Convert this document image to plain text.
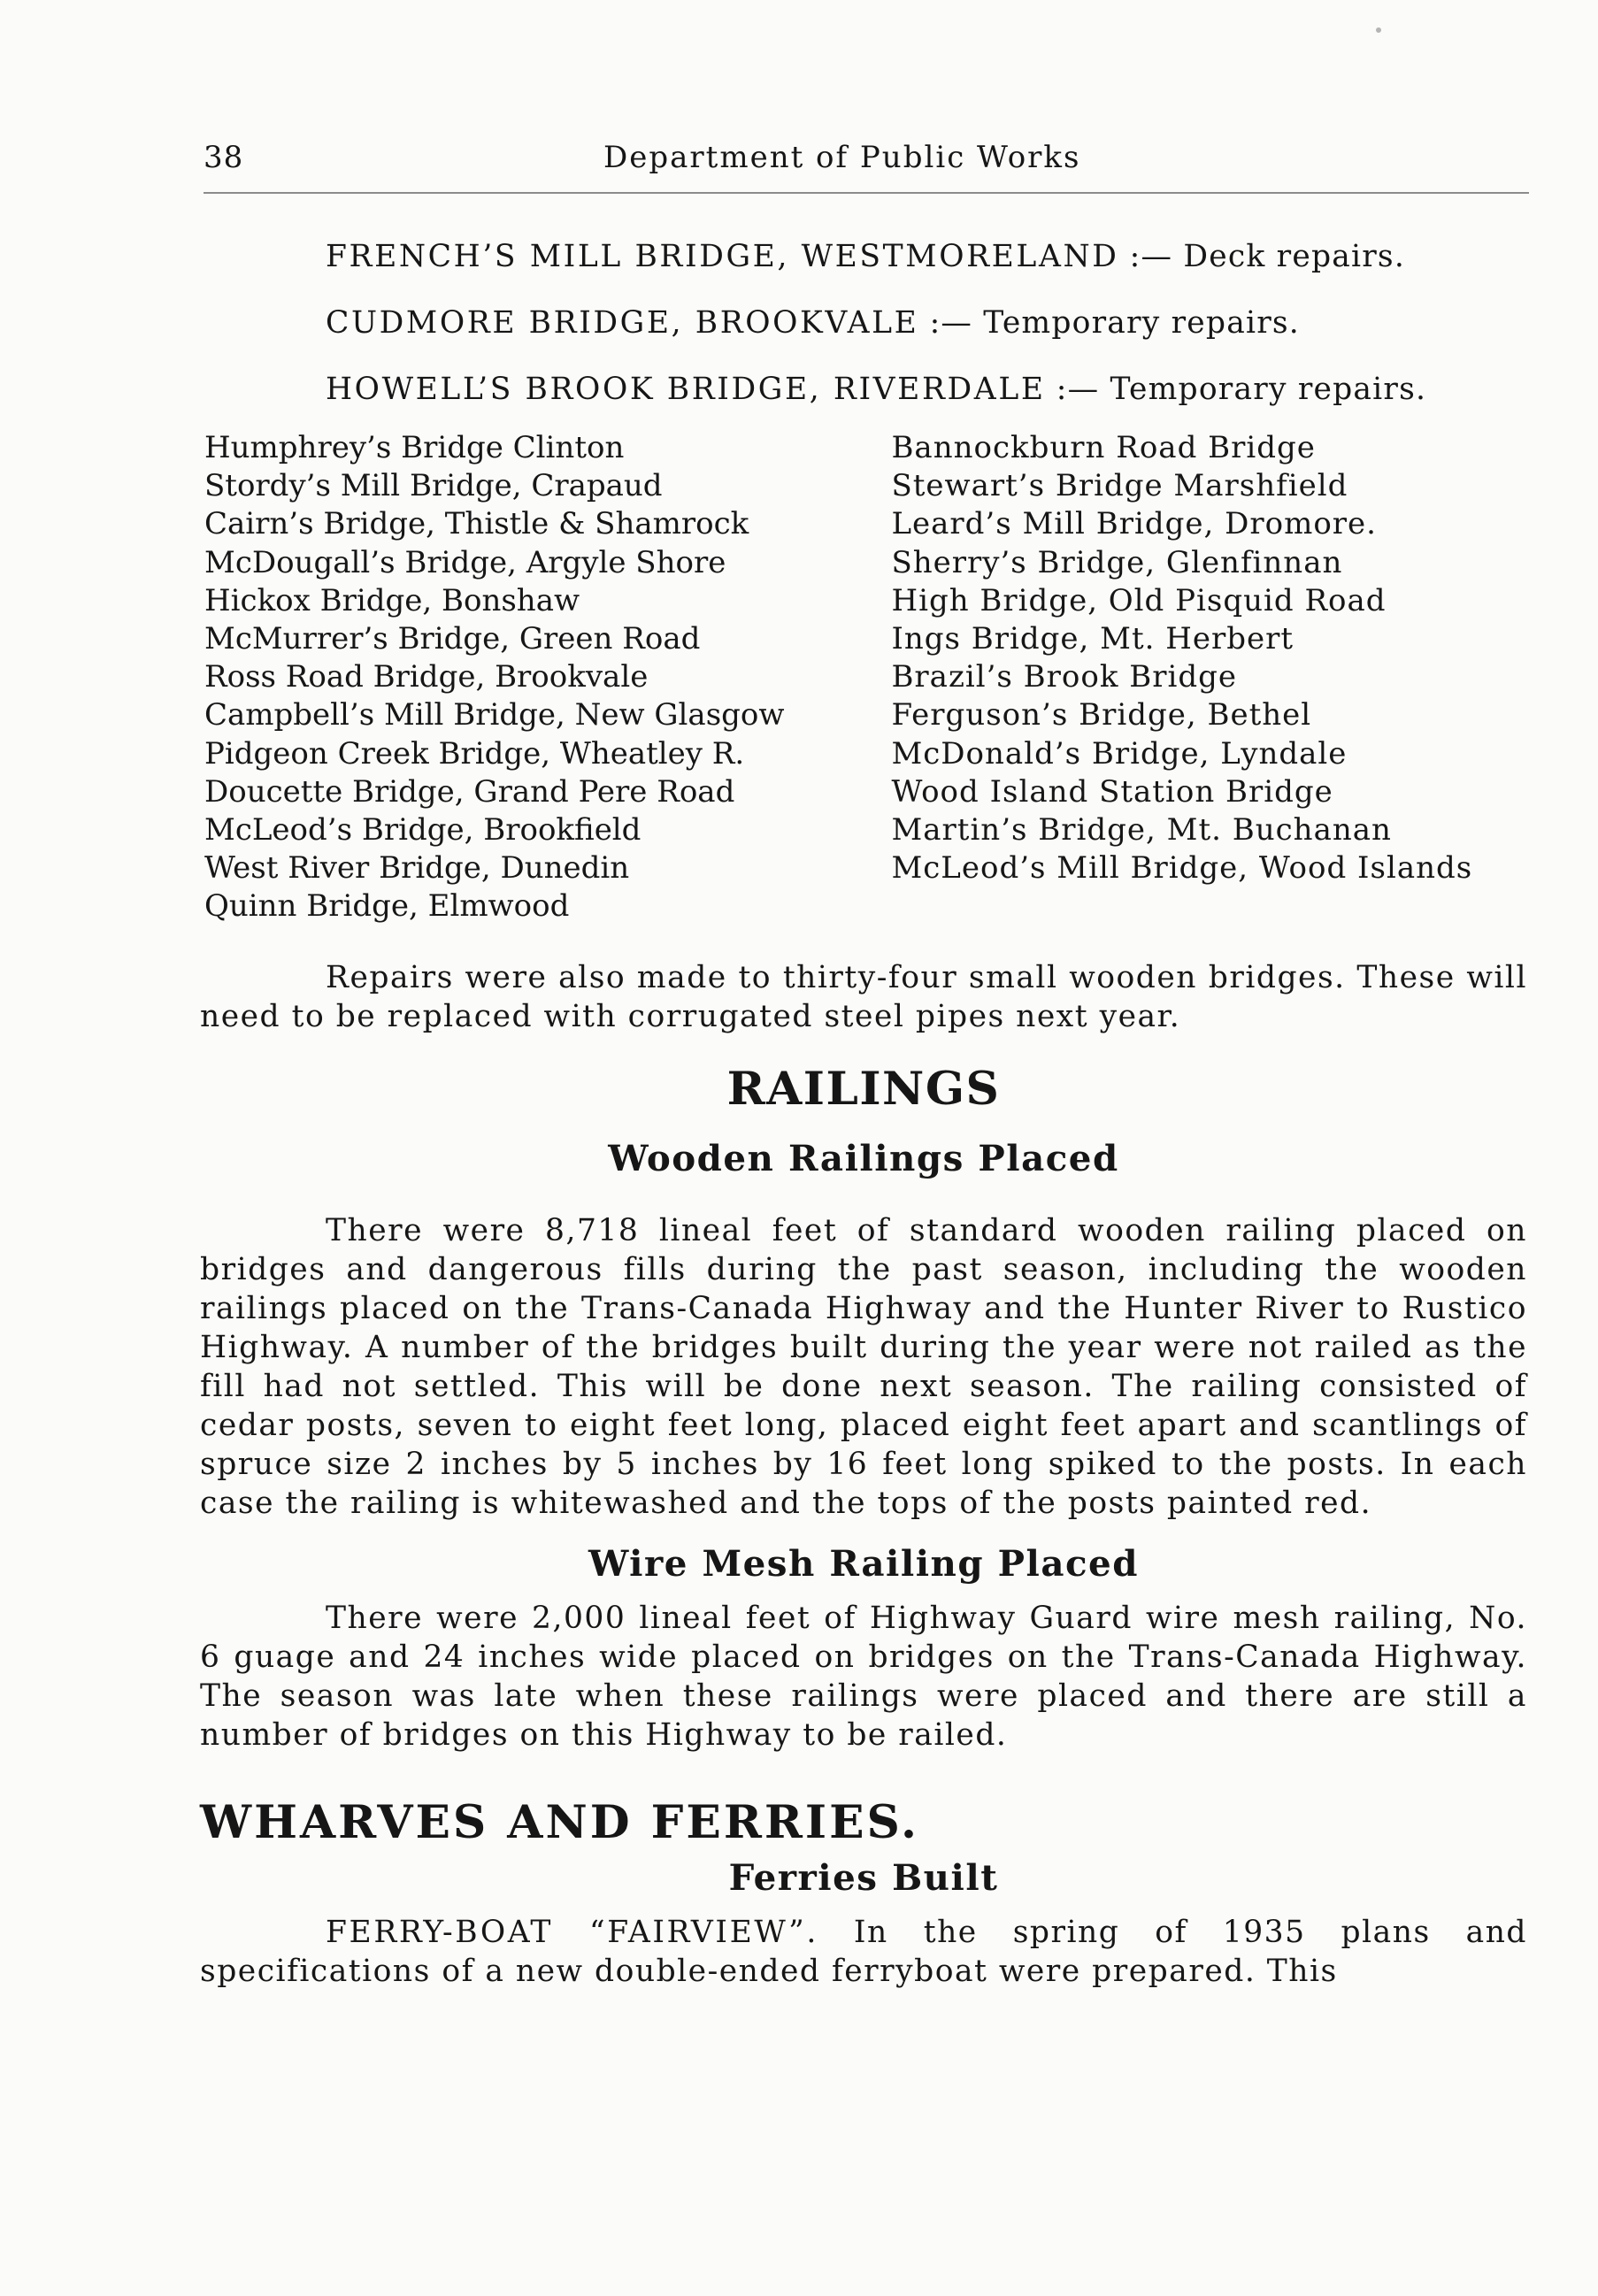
38	Department of Public Works

FRENCH’S MILL BRIDGE, WESTMORELAND :— Deck repairs.

CUDMORE BRIDGE, BROOKVALE :— Temporary repairs.

HOWELL’S BROOK BRIDGE, RIVERDALE :— Temporary repairs.

Humphrey’s Bridge Clinton
Stordy’s Mill Bridge, Crapaud
Cairn’s Bridge, Thistle & Shamrock
McDougall’s Bridge, Argyle Shore
Hickox Bridge, Bonshaw
McMurrer’s Bridge, Green Road
Ross Road Bridge, Brookvale
Campbell’s Mill Bridge, New Glasgow
Pidgeon Creek Bridge, Wheatley R.
Doucette Bridge, Grand Pere Road
McLeod’s Bridge, Brookfield
West River Bridge, Dunedin
Quinn Bridge, Elmwood
Bannockburn Road Bridge
Stewart’s Bridge Marshfield
Leard’s Mill Bridge, Dromore.
Sherry’s Bridge, Glenfinnan
High Bridge, Old Pisquid Road
Ings Bridge, Mt. Herbert
Brazil’s Brook Bridge
Ferguson’s Bridge, Bethel
McDonald’s Bridge, Lyndale
Wood Island Station Bridge
Martin’s Bridge, Mt. Buchanan
McLeod’s Mill Bridge, Wood Islands

Repairs were also made to thirty-four small wooden bridges. These will need to be replaced with corrugated steel pipes next year.

RAILINGS
Wooden Railings Placed

There were 8,718 lineal feet of standard wooden railing placed on bridges and dangerous fills during the past season, including the wooden railings placed on the Trans-Canada Highway and the Hunter River to Rustico Highway. A number of the bridges built during the year were not railed as the fill had not settled. This will be done next season. The railing consisted of cedar posts, seven to eight feet long, placed eight feet apart and scantlings of spruce size 2 inches by 5 inches by 16 feet long spiked to the posts. In each case the railing is whitewashed and the tops of the posts painted red.

Wire Mesh Railing Placed

There were 2,000 lineal feet of Highway Guard wire mesh railing, No. 6 guage and 24 inches wide placed on bridges on the Trans-Canada Highway. The season was late when these railings were placed and there are still a number of bridges on this Highway to be railed.

WHARVES AND FERRIES.
Ferries Built

FERRY-BOAT “FAIRVIEW”. In the spring of 1935 plans and specifications of a new double-ended ferryboat were prepared. This
